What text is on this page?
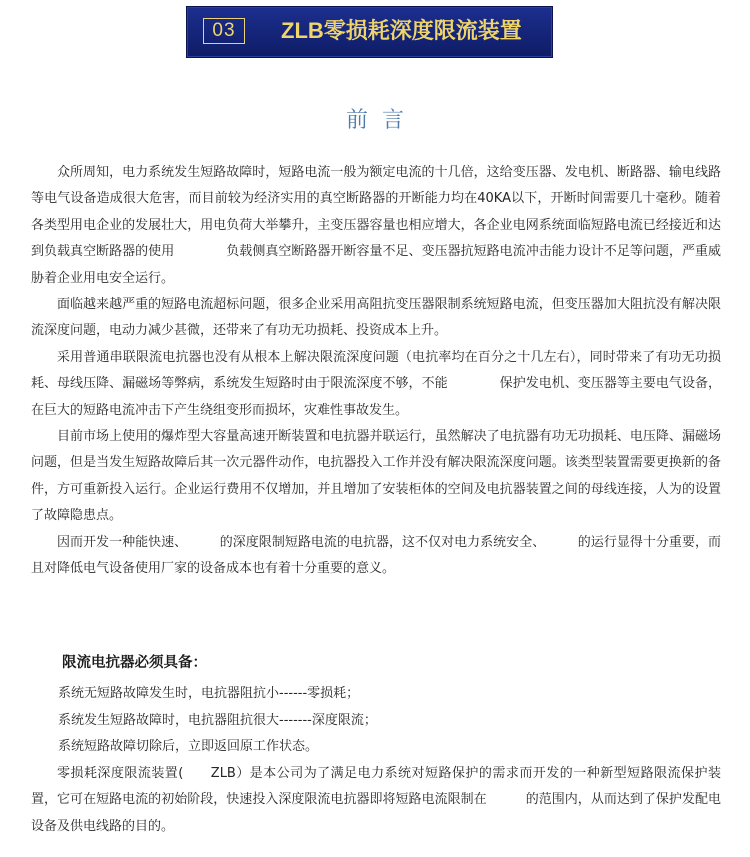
03	ZLB零损耗深度限流装置
前言

众所周知，电力系统发生短路故障时，短路电流一般为额定电流的十几倍，这给变压器、发电机、断路器、输电线路等电气设备造成很大危害，而目前较为经济实用的真空断路器的开断能力均在40KA以下，开断时间需要几十毫秒。随着各类型用电企业的发展壮大，用电负荷大举攀升，主变压器容量也相应增大，各企业电网系统面临短路电流已经接近和达到负载真空断路器的使用　　　　负载侧真空断路器开断容量不足、变压器抗短路电流冲击能力设计不足等问题，严重威胁着企业用电安全运行。

面临越来越严重的短路电流超标问题，很多企业采用高阻抗变压器限制系统短路电流，但变压器加大阻抗没有解决限流深度问题，电动力减少甚微，还带来了有功无功损耗、投资成本上升。

采用普通串联限流电抗器也没有从根本上解决限流深度问题（电抗率均在百分之十几左右），同时带来了有功无功损耗、母线压降、漏磁场等弊病，系统发生短路时由于限流深度不够，不能　　　　保护发电机、变压器等主要电气设备，在巨大的短路电流冲击下产生绕组变形而损坏，灾难性事故发生。

目前市场上使用的爆炸型大容量高速开断装置和电抗器并联运行，虽然解决了电抗器有功无功损耗、电压降、漏磁场问题，但是当发生短路故障后其一次元器件动作，电抗器投入工作并没有解决限流深度问题。该类型装置需要更换新的备件，方可重新投入运行。企业运行费用不仅增加，并且增加了安装柜体的空间及电抗器装置之间的母线连接，人为的设置了故障隐患点。

因而开发一种能快速、　　　的深度限制短路电流的电抗器，这不仅对电力系统安全、　　　的运行显得十分重要，而且对降低电气设备使用厂家的设备成本也有着十分重要的意义。

限流电抗器必须具备：

系统无短路故障发生时，电抗器阻抗小------零损耗；

系统发生短路故障时，电抗器阻抗很大-------深度限流；

系统短路故障切除后，立即返回原工作状态。

零损耗深度限流装置(　　ZLB）是本公司为了满足电力系统对短路保护的需求而开发的一种新型短路限流保护装置，它可在短路电流的初始阶段，快速投入深度限流电抗器即将短路电流限制在　　　的范围内，从而达到了保护发配电设备及供电线路的目的。
